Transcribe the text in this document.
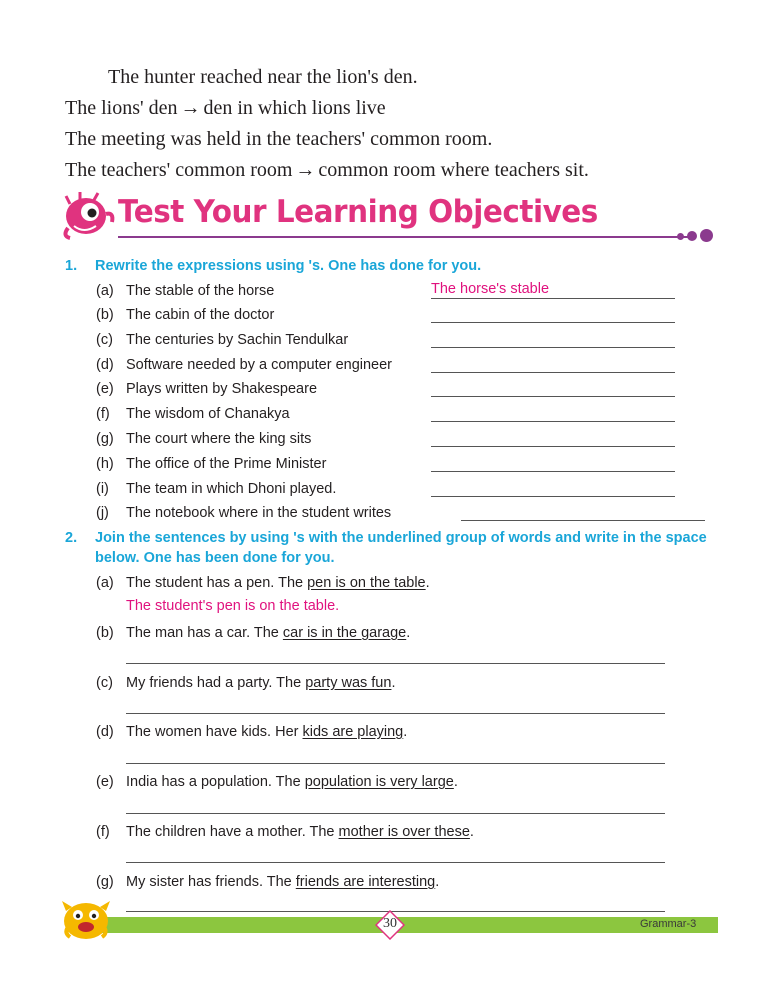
The hunter reached near the lion's den.
The lions' den → den in which lions live
The meeting was held in the teachers' common room.
The teachers' common room → common room where teachers sit.
Test Your Learning Objectives
1. Rewrite the expressions using 's. One has done for you.
(a) The stable of the horse	The horse's stable
(b) The cabin of the doctor
(c) The centuries by Sachin Tendulkar
(d) Software needed by a computer engineer
(e) Plays written by Shakespeare
(f) The wisdom of Chanakya
(g) The court where the king sits
(h) The office of the Prime Minister
(i) The team in which Dhoni played.
(j) The notebook where in the student writes
2. Join the sentences by using 's with the underlined group of words and write in the space
below. One has been done for you.
(a) The student has a pen. The pen is on the table.
The student's pen is on the table.
(b) The man has a car. The car is in the garage.
(c) My friends had a party. The party was fun.
(d) The women have kids. Her kids are playing.
(e) India has a population. The population is very large.
(f) The children have a mother. The mother is over these.
(g) My sister has friends. The friends are interesting.
30	Grammar-3
